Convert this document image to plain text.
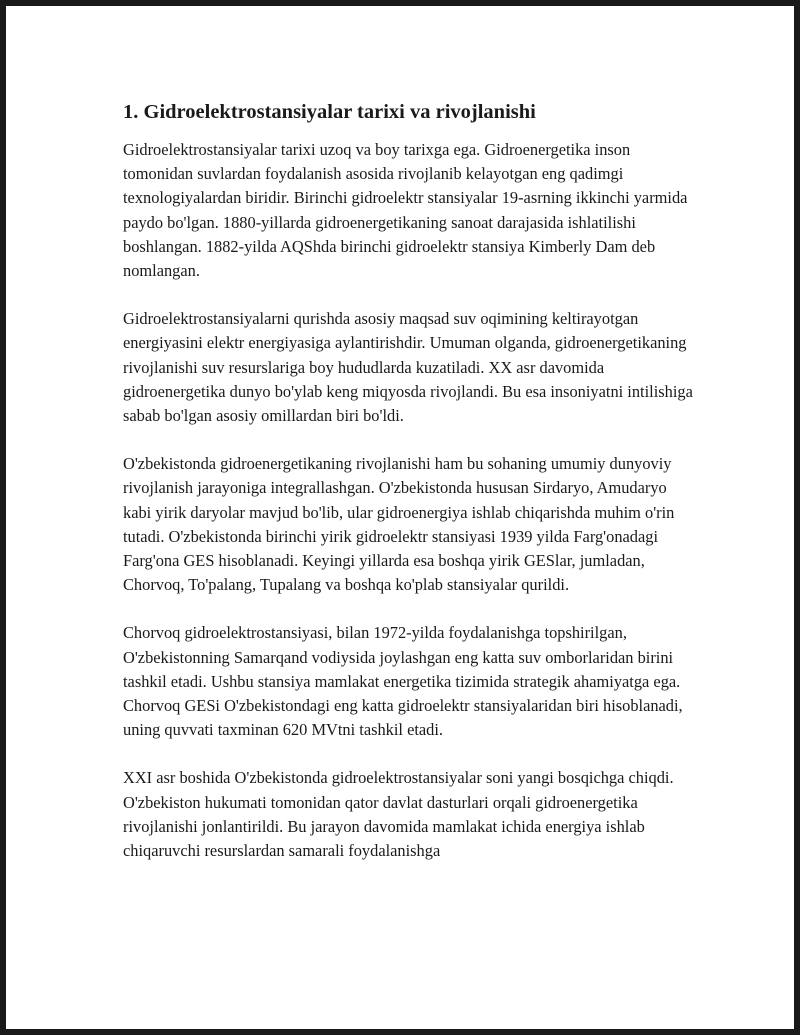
1. Gidroelektrostansiyalar tarixi va rivojlanishi

Gidroelektrostansiyalar tarixi uzoq va boy tarixga ega. Gidroenergetika inson tomonidan suvlardan foydalanish asosida rivojlanib kelayotgan eng qadimgi texnologiyalardan biridir. Birinchi gidroelektr stansiyalar 19-asrning ikkinchi yarmida paydo bo'lgan. 1880-yillarda gidroenergetikaning sanoat darajasida ishlatilishi boshlangan. 1882-yilda AQShda birinchi gidroelektr stansiya Kimberly Dam deb nomlangan.

Gidroelektrostansiyalarni qurishda asosiy maqsad suv oqimining keltirayotgan energiyasini elektr energiyasiga aylantirishdir. Umuman olganda, gidroenergetikaning rivojlanishi suv resurslariga boy hududlarda kuzatiladi. XX asr davomida gidroenergetika dunyo bo'ylab keng miqyosda rivojlandi. Bu esa insoniyatni intilishiga sabab bo'lgan asosiy omillardan biri bo'ldi.

O'zbekistonda gidroenergetikaning rivojlanishi ham bu sohaning umumiy dunyoviy rivojlanish jarayoniga integrallashgan. O'zbekistonda hususan Sirdaryo, Amudaryo kabi yirik daryolar mavjud bo'lib, ular gidroenergiya ishlab chiqarishda muhim o'rin tutadi. O'zbekistonda birinchi yirik gidroelektr stansiyasi 1939 yilda Farg'onadagi Farg'ona GES hisoblanadi. Keyingi yillarda esa boshqa yirik GESlar, jumladan, Chorvoq, To'palang, Tupalang va boshqa ko'plab stansiyalar qurildi.

Chorvoq gidroelektrostansiyasi, bilan 1972-yilda foydalanishga topshirilgan, O'zbekistonning Samarqand vodiysida joylashgan eng katta suv omborlaridan birini tashkil etadi. Ushbu stansiya mamlakat energetika tizimida strategik ahamiyatga ega. Chorvoq GESi O'zbekistondagi eng katta gidroelektr stansiyalaridan biri hisoblanadi, uning quvvati taxminan 620 MVtni tashkil etadi.

XXI asr boshida O'zbekistonda gidroelektrostansiyalar soni yangi bosqichga chiqdi. O'zbekiston hukumati tomonidan qator davlat dasturlari orqali gidroenergetika rivojlanishi jonlantirildi. Bu jarayon davomida mamlakat ichida energiya ishlab chiqaruvchi resurslardan samarali foydalanishga
